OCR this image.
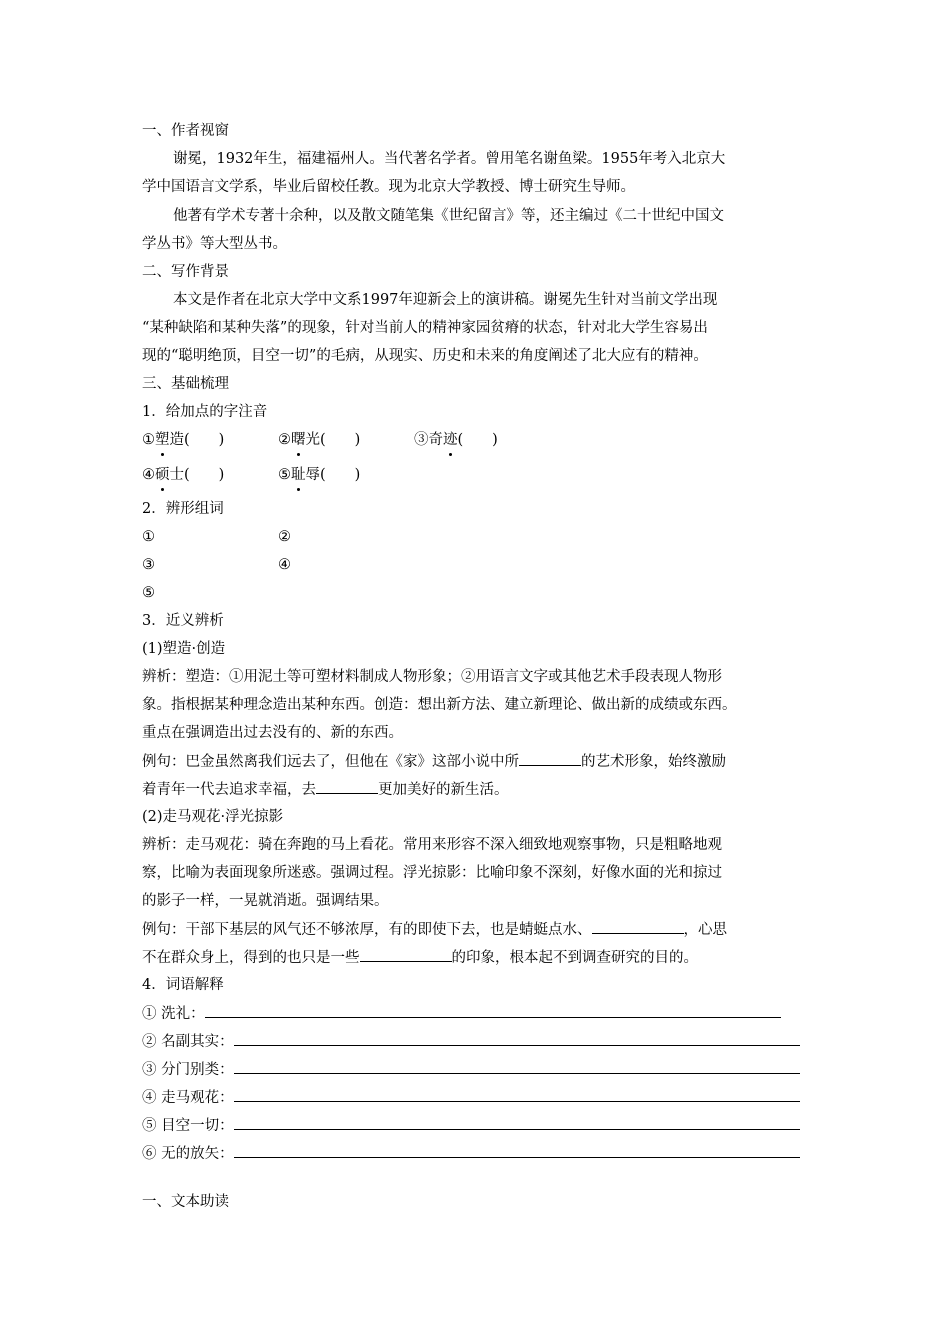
一、作者视窗
谢冕，1932年生，福建福州人。当代著名学者。曾用笔名谢鱼梁。1955年考入北京大
学中国语言文学系，毕业后留校任教。现为北京大学教授、博士研究生导师。
他著有学术专著十余种，以及散文随笔集《世纪留言》等，还主编过《二十世纪中国文
学丛书》等大型丛书。
二、写作背景
本文是作者在北京大学中文系1997年迎新会上的演讲稿。谢冕先生针对当前文学出现
“某种缺陷和某种失落”的现象，针对当前人的精神家园贫瘠的状态，针对北大学生容易出
现的“聪明绝顶，目空一切”的毛病，从现实、历史和未来的角度阐述了北大应有的精神。
三、基础梳理
1．给加点的字注音
①塑造(　　)	②曙光(　　)	③奇迹(　　)
④硕士(　　)	⑤耻辱(　　)
2．辨形组词
①	②
③	④
⑤
3．近义辨析
(1)塑造·创造
辨析：塑造：①用泥土等可塑材料制成人物形象；②用语言文字或其他艺术手段表现人物形
象。指根据某种理念造出某种东西。创造：想出新方法、建立新理论、做出新的成绩或东西。
重点在强调造出过去没有的、新的东西。
例句：巴金虽然离我们远去了，但他在《家》这部小说中所	的艺术形象，始终激励
着青年一代去追求幸福，去	更加美好的新生活。
(2)走马观花·浮光掠影
辨析：走马观花：骑在奔跑的马上看花。常用来形容不深入细致地观察事物，只是粗略地观
察，比喻为表面现象所迷惑。强调过程。浮光掠影：比喻印象不深刻，好像水面的光和掠过
的影子一样，一晃就消逝。强调结果。
例句：干部下基层的风气还不够浓厚，有的即使下去，也是蜻蜓点水、	，心思
不在群众身上，得到的也只是一些	的印象，根本起不到调查研究的目的。
4．词语解释
① 洗礼：
② 名副其实：
③ 分门别类：
④ 走马观花：
⑤ 目空一切：
⑥ 无的放矢：
一、文本助读
